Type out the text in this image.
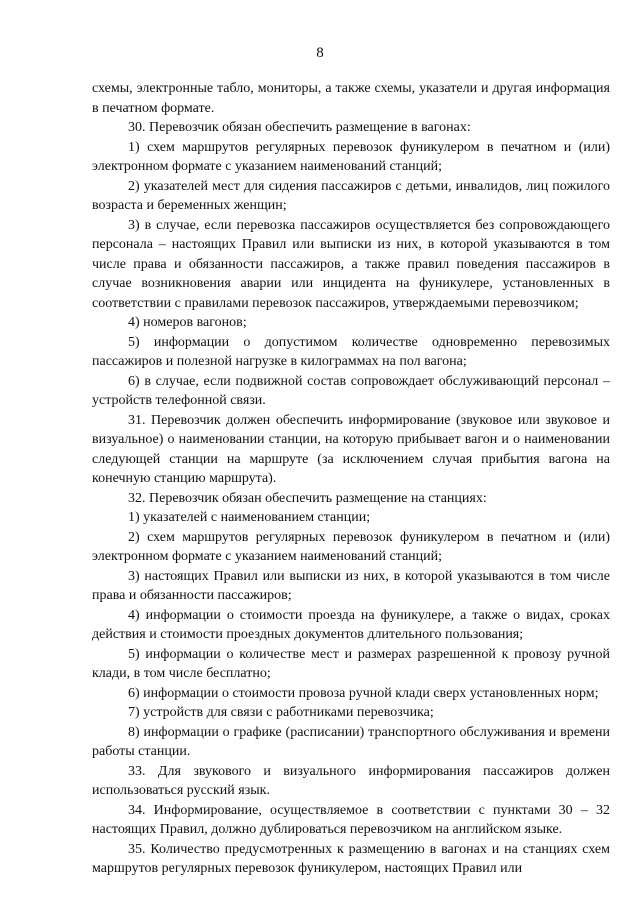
8

схемы, электронные табло, мониторы, а также схемы, указатели и другая информация в печатном формате.

30. Перевозчик обязан обеспечить размещение в вагонах:

1) схем маршрутов регулярных перевозок фуникулером в печатном и (или) электронном формате с указанием наименований станций;

2) указателей мест для сидения пассажиров с детьми, инвалидов, лиц пожилого возраста и беременных женщин;

3) в случае, если перевозка пассажиров осуществляется без сопровождающего персонала – настоящих Правил или выписки из них, в которой указываются в том числе права и обязанности пассажиров, а также правил поведения пассажиров в случае возникновения аварии или инцидента на фуникулере, установленных в соответствии с правилами перевозок пассажиров, утверждаемыми перевозчиком;

4) номеров вагонов;

5) информации о допустимом количестве одновременно перевозимых пассажиров и полезной нагрузке в килограммах на пол вагона;

6) в случае, если подвижной состав сопровождает обслуживающий персонал – устройств телефонной связи.

31. Перевозчик должен обеспечить информирование (звуковое или звуковое и визуальное) о наименовании станции, на которую прибывает вагон и о наименовании следующей станции на маршруте (за исключением случая прибытия вагона на конечную станцию маршрута).

32. Перевозчик обязан обеспечить размещение на станциях:

1) указателей с наименованием станции;

2) схем маршрутов регулярных перевозок фуникулером в печатном и (или) электронном формате с указанием наименований станций;

3) настоящих Правил или выписки из них, в которой указываются в том числе права и обязанности пассажиров;

4) информации о стоимости проезда на фуникулере, а также о видах, сроках действия и стоимости проездных документов длительного пользования;

5) информации о количестве мест и размерах разрешенной к провозу ручной клади, в том числе бесплатно;

6) информации о стоимости провоза ручной клади сверх установленных норм;

7) устройств для связи с работниками перевозчика;

8) информации о графике (расписании) транспортного обслуживания и времени работы станции.

33. Для звукового и визуального информирования пассажиров должен использоваться русский язык.

34. Информирование, осуществляемое в соответствии с пунктами 30 – 32 настоящих Правил, должно дублироваться перевозчиком на английском языке.

35. Количество предусмотренных к размещению в вагонах и на станциях схем маршрутов регулярных перевозок фуникулером, настоящих Правил или
